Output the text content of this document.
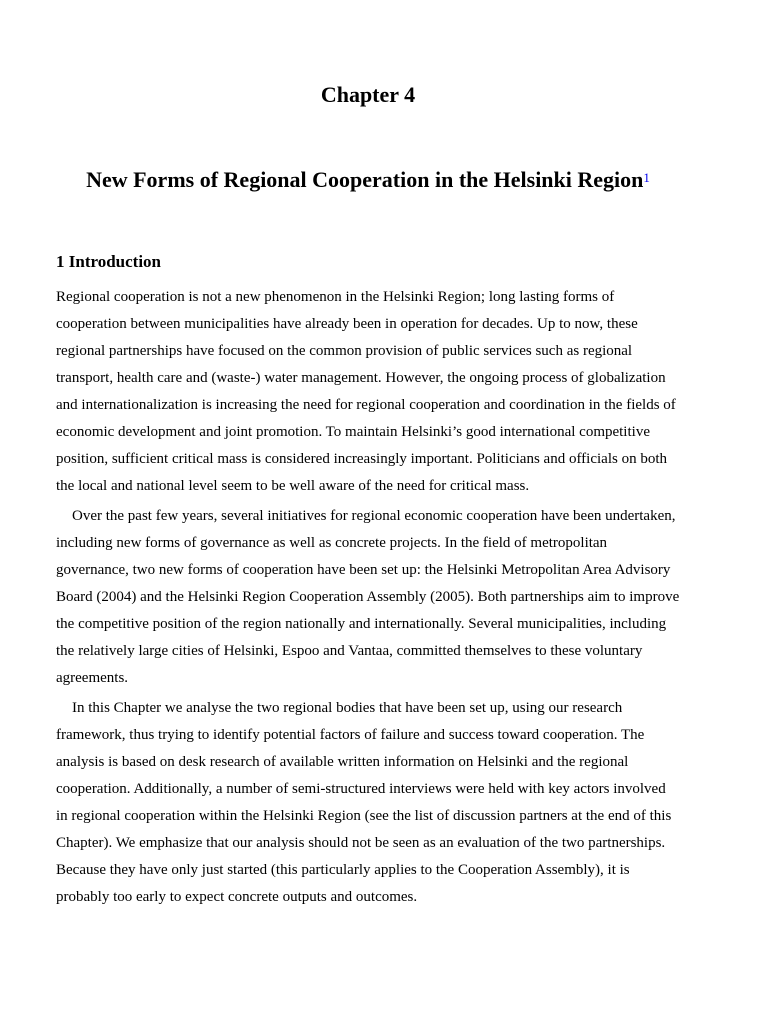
Chapter 4
New Forms of Regional Cooperation in the Helsinki Region$^1$
1 Introduction

Regional cooperation is not a new phenomenon in the Helsinki Region; long lasting forms of cooperation between municipalities have already been in operation for decades. Up to now, these regional partnerships have focused on the common provision of public services such as regional transport, health care and (waste-) water management. However, the ongoing process of globalization and internationalization is increasing the need for regional cooperation and coordination in the fields of economic development and joint promotion. To maintain Helsinki’s good international competitive position, sufficient critical mass is considered increasingly important. Politicians and officials on both the local and national level seem to be well aware of the need for critical mass.

Over the past few years, several initiatives for regional economic cooperation have been undertaken, including new forms of governance as well as concrete projects. In the field of metropolitan governance, two new forms of cooperation have been set up: the Helsinki Metropolitan Area Advisory Board (2004) and the Helsinki Region Cooperation Assembly (2005). Both partnerships aim to improve the competitive position of the region nationally and internationally. Several municipalities, including the relatively large cities of Helsinki, Espoo and Vantaa, committed themselves to these voluntary agreements.

In this Chapter we analyse the two regional bodies that have been set up, using our research framework, thus trying to identify potential factors of failure and success toward cooperation. The analysis is based on desk research of available written information on Helsinki and the regional cooperation. Additionally, a number of semi-structured interviews were held with key actors involved in regional cooperation within the Helsinki Region (see the list of discussion partners at the end of this Chapter). We emphasize that our analysis should not be seen as an evaluation of the two partnerships. Because they have only just started (this particularly applies to the Cooperation Assembly), it is probably too early to expect concrete outputs and outcomes.
